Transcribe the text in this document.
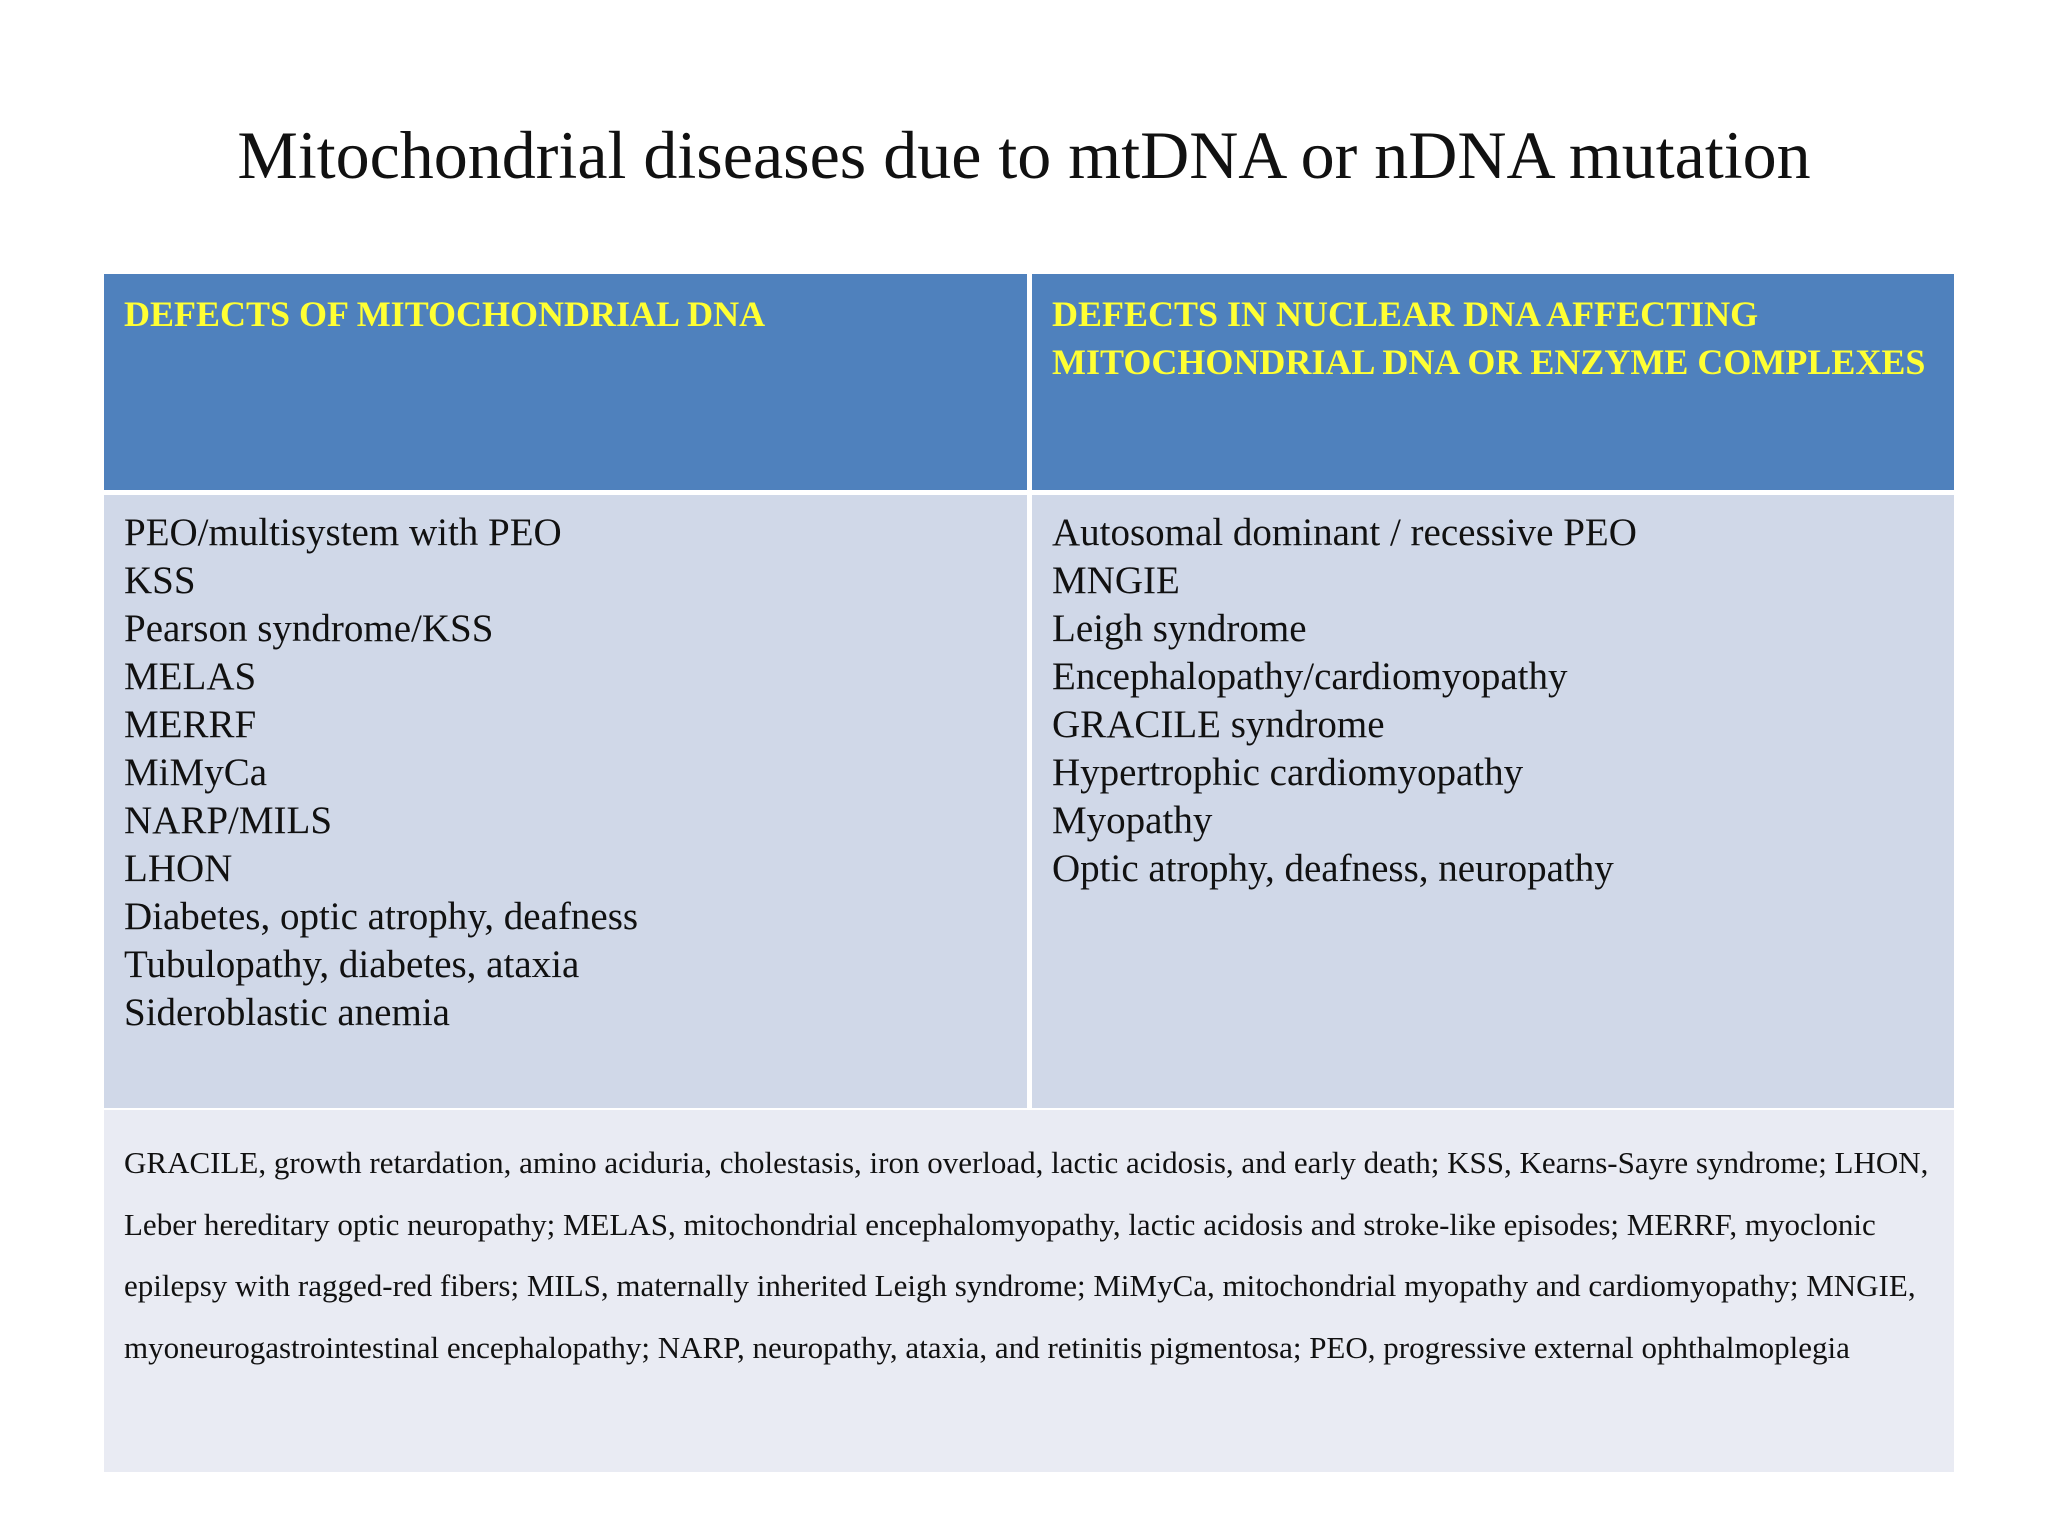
Mitochondrial diseases due to mtDNA or nDNA mutation
DEFECTS OF MITOCHONDRIAL DNA	DEFECTS IN NUCLEAR DNA AFFECTING MITOCHONDRIAL DNA OR ENZYME COMPLEXES
PEO/multisystem with PEO
KSS
Pearson syndrome/KSS
MELAS
MERRF
MiMyCa
NARP/MILS
LHON
Diabetes, optic atrophy, deafness
Tubulopathy, diabetes, ataxia
Sideroblastic anemia
Autosomal dominant / recessive PEO
MNGIE
Leigh syndrome
Encephalopathy/cardiomyopathy
GRACILE syndrome
Hypertrophic cardiomyopathy
Myopathy
Optic atrophy, deafness, neuropathy
GRACILE, growth retardation, amino aciduria, cholestasis, iron overload, lactic acidosis, and early death; KSS, Kearns-Sayre syndrome; LHON, Leber hereditary optic neuropathy; MELAS, mitochondrial encephalomyopathy, lactic acidosis and stroke-like episodes; MERRF, myoclonic epilepsy with ragged-red fibers; MILS, maternally inherited Leigh syndrome; MiMyCa, mitochondrial myopathy and cardiomyopathy; MNGIE, myoneurogastrointestinal encephalopathy; NARP, neuropathy, ataxia, and retinitis pigmentosa; PEO, progressive external ophthalmoplegia
